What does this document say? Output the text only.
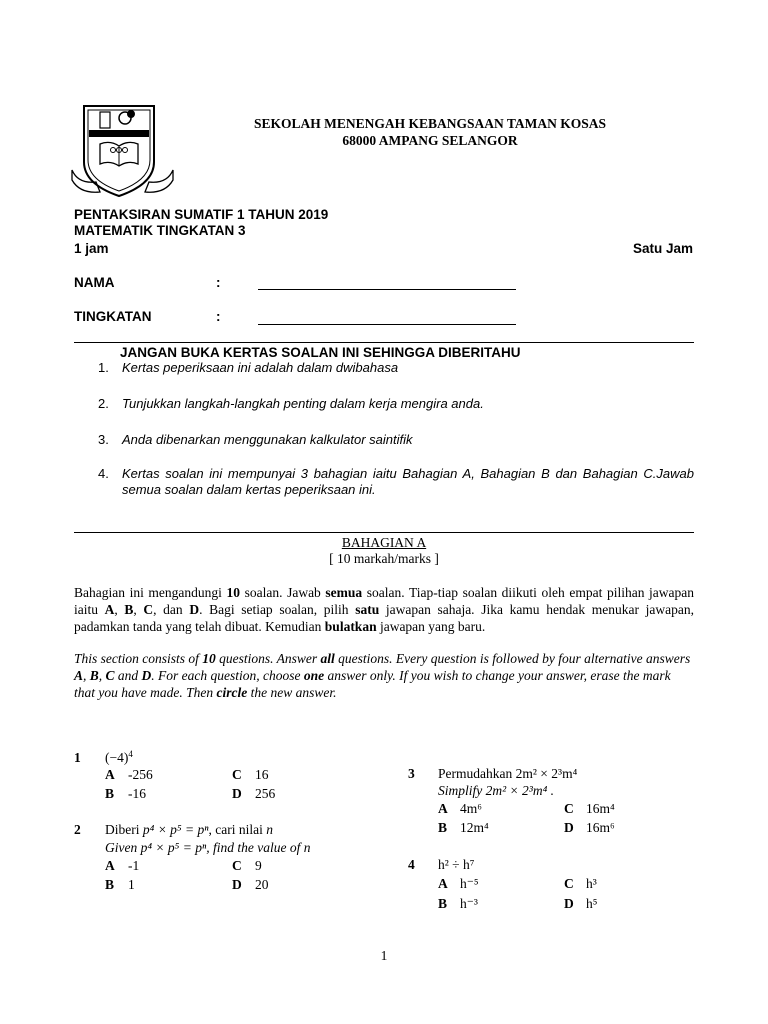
SEKOLAH MENENGAH KEBANGSAAN TAMAN KOSAS
68000 AMPANG SELANGOR
PENTAKSIRAN SUMATIF 1 TAHUN 2019
MATEMATIK TINGKATAN 3
1 jam	Satu Jam
NAMA	:
TINGKATAN	:
JANGAN BUKA KERTAS SOALAN INI SEHINGGA DIBERITAHU
1. Kertas peperiksaan ini adalah dalam dwibahasa
2. Tunjukkan langkah-langkah penting dalam kerja mengira anda.
3. Anda dibenarkan menggunakan kalkulator saintifik
4. Kertas soalan ini mempunyai 3 bahagian iaitu Bahagian A, Bahagian B dan Bahagian C.Jawab semua soalan dalam kertas peperiksaan ini.
BAHAGIAN A
[ 10 markah/marks ]
Bahagian ini mengandungi 10 soalan. Jawab semua soalan. Tiap-tiap soalan diikuti oleh empat pilihan jawapan iaitu A, B, C, dan D. Bagi setiap soalan, pilih satu jawapan sahaja. Jika kamu hendak menukar jawapan, padamkan tanda yang telah dibuat. Kemudian bulatkan jawapan yang baru.
This section consists of 10 questions. Answer all questions. Every question is followed by four alternative answers A, B, C and D. For each question, choose one answer only. If you wish to change your answer, erase the mark that you have made. Then circle the new answer.
1 $(-4)^4$
A -256	C 16
B -16	D 256
2 Diberi p⁴ × p⁵ = pⁿ, cari nilai n
Given p⁴ × p⁵ = pⁿ, find the value of n
A -1	C 9
B 1	D 20
3 Permudahkan 2m² × 2³m⁴
Simplify 2m² × 2³m⁴ .
A 4m⁶	C 16m⁴
B 12m⁴	D 16m⁶
4 h² ÷ h⁷
A h⁻⁵	C h³
B h⁻³	D h⁵
1
